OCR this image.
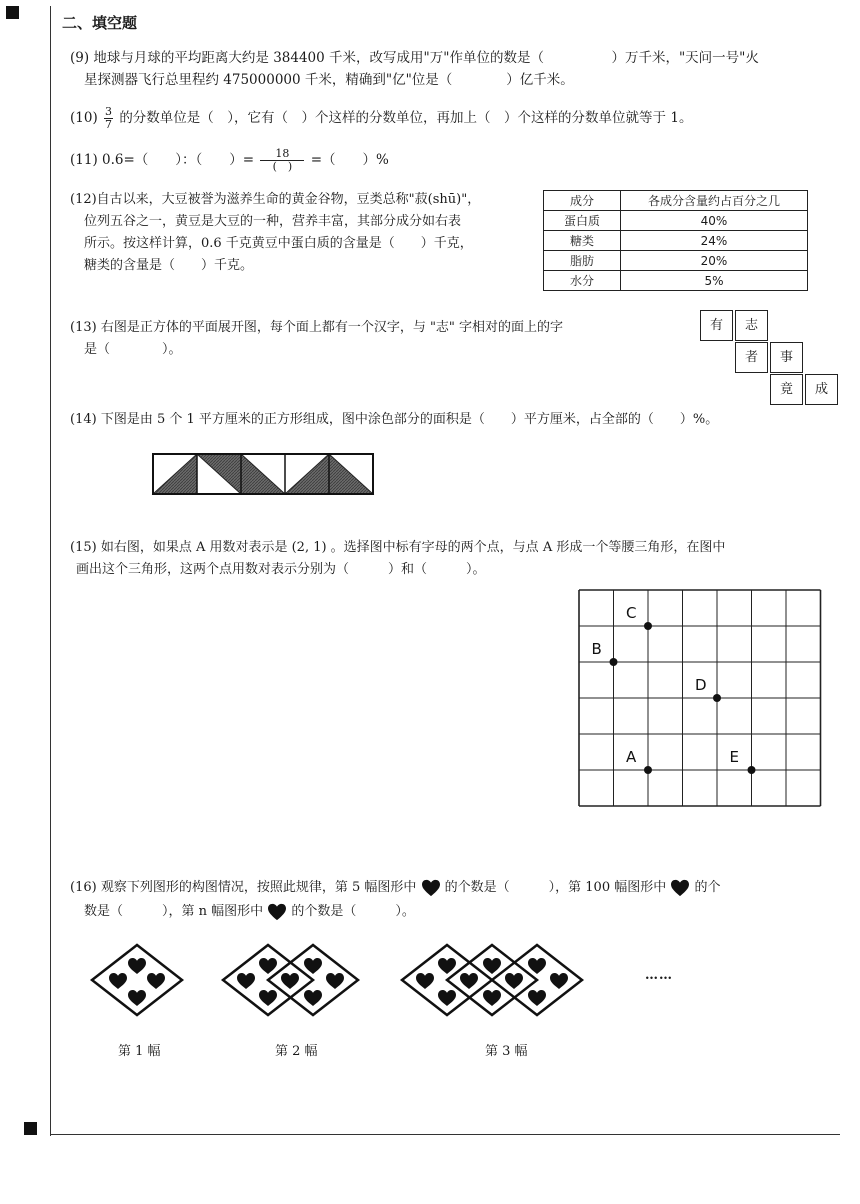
二、填空题
(9) 地球与月球的平均距离大约是 384400 千米，改写成用"万"作单位的数是（　　　　　）万千米，"天问一号"火
星探测器飞行总里程约 475000000 千米，精确到"亿"位是（　　　　）亿千米。
$(10) \frac{3}{7}$ 的分数单位是（　），它有（　）个这样的分数单位，再加上（　）个这样的分数单位就等于 1。
(11) 0.6=（　　）：（　　）= $\frac{18}{( )}$ =（　　）%
(12)自古以来，大豆被誉为滋养生命的黄金谷物，豆类总称"菽(shū)"，
位列五谷之一，黄豆是大豆的一种，营养丰富，其部分成分如右表
所示。按这样计算，0.6 千克黄豆中蛋白质的含量是（　　）千克，
糖类的含量是（　　）千克。
成分	各成分含量约占百分之几
蛋白质	40%
糖类	24%
脂肪	20%
水分	5%
(13) 右图是正方体的平面展开图，每个面上都有一个汉字，与 "志" 字相对的面上的字
是（　　　　）。
有	志
者	事
竟	成
(14) 下图是由 5 个 1 平方厘米的正方形组成，图中涂色部分的面积是（　　）平方厘米，占全部的（　　）%。
(15) 如右图，如果点 A 用数对表示是 (2, 1) 。选择图中标有字母的两个点，与点 A 形成一个等腰三角形，在图中
画出这个三角形，这两个点用数对表示分别为（　　　）和（　　　）。
A
B
C
D
E
(16) 观察下列图形的构图情况，按照此规律，第 5 幅图形中 的个数是（　　　），第 100 幅图形中 的个
数是（　　　），第 n 幅图形中 的个数是（　　　）。
……
第 1 幅	第 2 幅	第 3 幅
